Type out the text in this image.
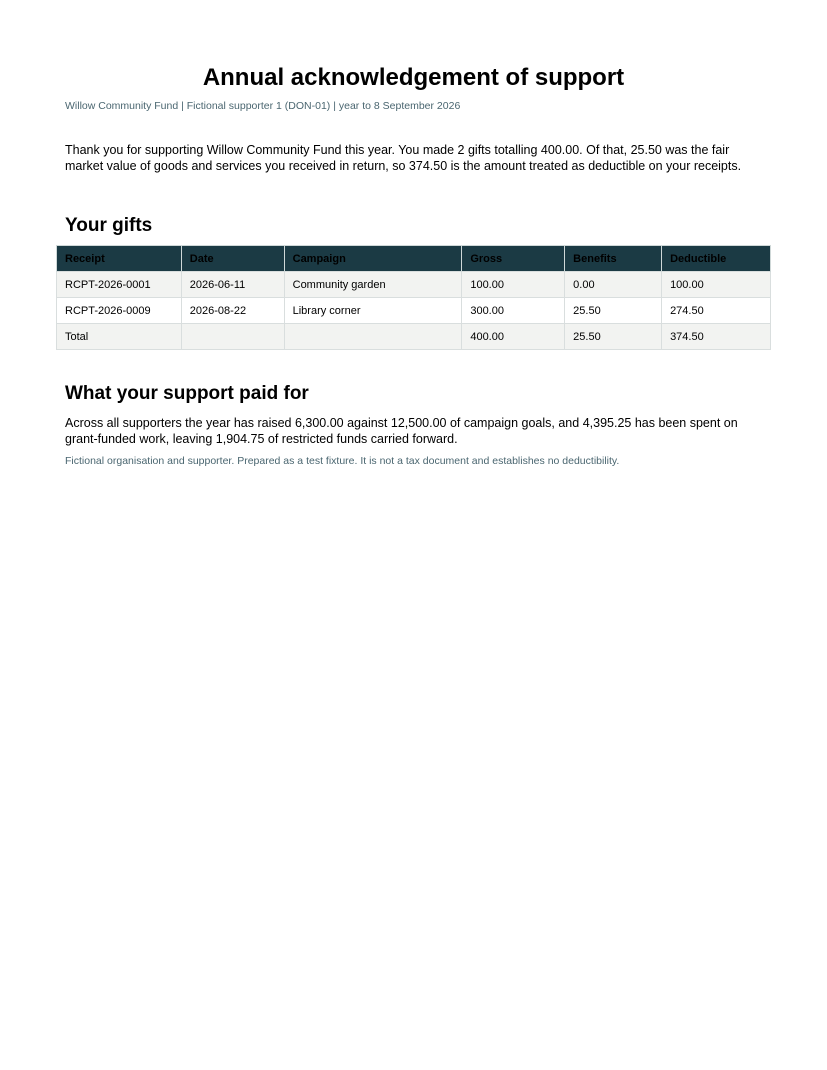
Annual acknowledgement of support
Willow Community Fund | Fictional supporter 1 (DON-01) | year to 8 September 2026

Thank you for supporting Willow Community Fund this year. You made 2 gifts totalling 400.00. Of that, 25.50 was the fair market value of goods and services you received in return, so 374.50 is the amount treated as deductible on your receipts.

Your gifts
Receipt	Date	Campaign	Gross	Benefits	Deductible
RCPT-2026-0001	2026-06-11	Community garden	100.00	0.00	100.00
RCPT-2026-0009	2026-08-22	Library corner	300.00	25.50	274.50
Total			400.00	25.50	374.50
What your support paid for

Across all supporters the year has raised 6,300.00 against 12,500.00 of campaign goals, and 4,395.25 has been spent on grant-funded work, leaving 1,904.75 of restricted funds carried forward.

Fictional organisation and supporter. Prepared as a test fixture. It is not a tax document and establishes no deductibility.
